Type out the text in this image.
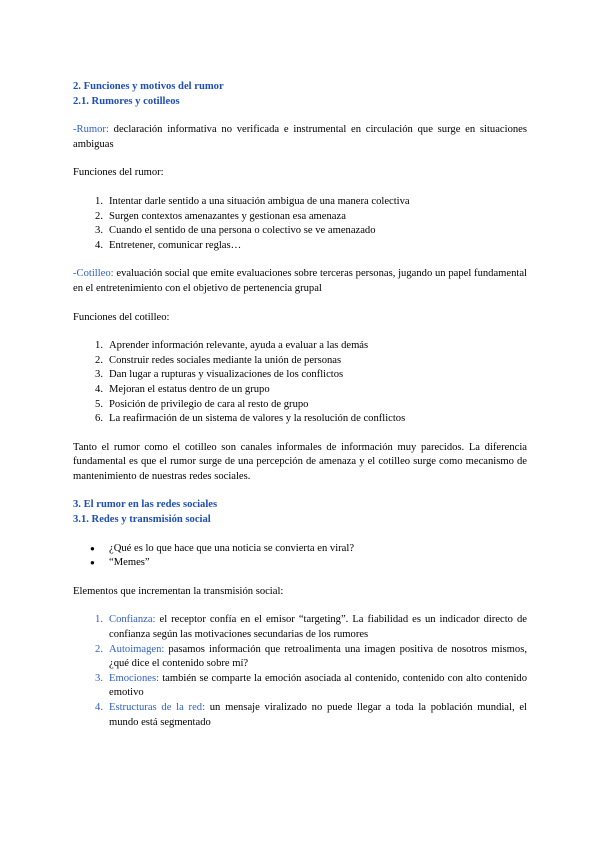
2. Funciones y motivos del rumor
2.1. Rumores y cotilleos
-Rumor: declaración informativa no verificada e instrumental en circulación que surge en situaciones ambiguas
Funciones del rumor:
1. Intentar darle sentido a una situación ambigua de una manera colectiva
2. Surgen contextos amenazantes y gestionan esa amenaza
3. Cuando el sentido de una persona o colectivo se ve amenazado
4. Entretener, comunicar reglas…
-Cotilleo: evaluación social que emite evaluaciones sobre terceras personas, jugando un papel fundamental en el entretenimiento con el objetivo de pertenencia grupal
Funciones del cotilleo:
1. Aprender información relevante, ayuda a evaluar a las demás
2. Construir redes sociales mediante la unión de personas
3. Dan lugar a rupturas y visualizaciones de los conflictos
4. Mejoran el estatus dentro de un grupo
5. Posición de privilegio de cara al resto de grupo
6. La reafirmación de un sistema de valores y la resolución de conflictos
Tanto el rumor como el cotilleo son canales informales de información muy parecidos. La diferencia fundamental es que el rumor surge de una percepción de amenaza y el cotilleo surge como mecanismo de mantenimiento de nuestras redes sociales.
3. El rumor en las redes sociales
3.1. Redes y transmisión social
● ¿Qué es lo que hace que una noticia se convierta en viral?
● “Memes”
Elementos que incrementan la transmisión social:
1. Confianza: el receptor confía en el emisor “targeting”. La fiabilidad es un indicador directo de confianza según las motivaciones secundarias de los rumores
2. Autoimagen: pasamos información que retroalimenta una imagen positiva de nosotros mismos, ¿qué dice el contenido sobre mí?
3. Emociones: también se comparte la emoción asociada al contenido, contenido con alto contenido emotivo
4. Estructuras de la red: un mensaje viralizado no puede llegar a toda la población mundial, el mundo está segmentado
